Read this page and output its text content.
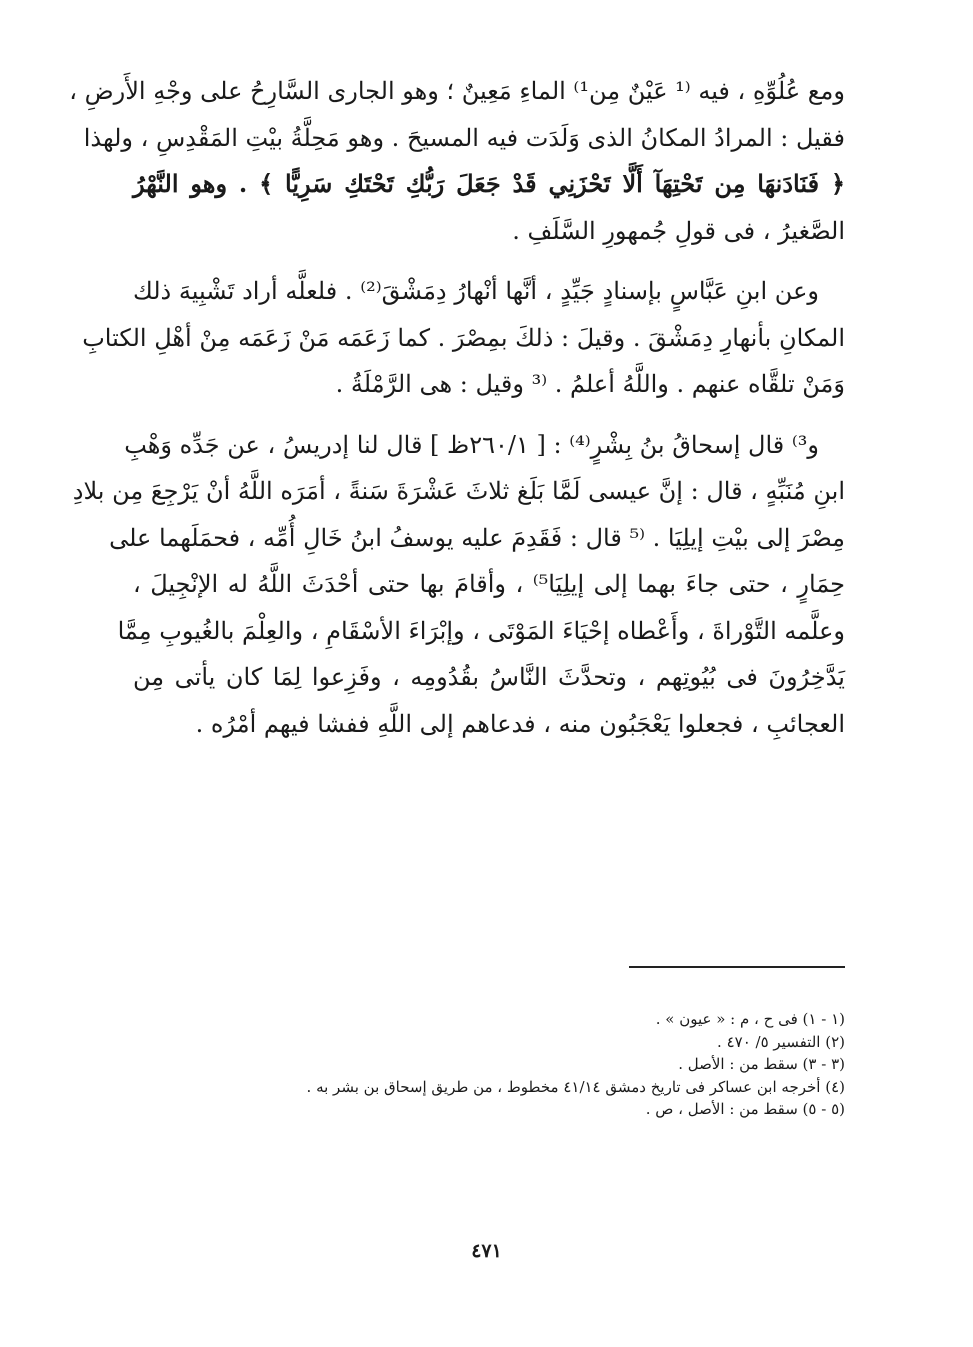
ومع عُلُوِّهِ ، فيه ⁽¹ عَيْنٌ مِن¹⁾ الماءِ مَعِينٌ ؛ وهو الجارى السَّارِحُ على وجْهِ الأَرضِ ،
فقيل : المرادُ المكانُ الذى وَلَدَت فيه المسيحَ . وهو مَحِلَّةُ بيْتِ المَقْدِسِ ، ولهذا
﴿ فَنَادَنهَا مِن تَحْتِهَآ أَلَّا تَحْزَنِي قَدْ جَعَلَ رَبُّكِ تَحْتَكِ سَرِيًّا ﴾ . وهو النَّهْرُ
الصَّغيرُ ، فى قولِ جُمهورِ السَّلَفِ .
وعن ابنِ عَبَّاسٍ بإسنادٍ جَيِّدٍ ، أنَّها أنْهارُ دِمَشْقَ⁽²⁾ . فلعلَّه أراد تَشْبِيهَ ذلك
المكانِ بأنهارِ دِمَشْقَ . وقيلَ : ذلكَ بمِصْرَ . كما زَعَمَه مَنْ زَعَمَه مِنْ أهْلِ الكتابِ
وَمَنْ تلقَّاه عنهم . واللَّهُ أعلمُ . ⁽³ وقيل : هى الرَّمْلَةُ .
و³⁾ قال إسحاقُ بنُ بِشْرٍ⁽⁴⁾ : [ ٢٦٠/١ظ ] قال لنا إدريسُ ، عن جَدِّه وَهْبِ
ابنِ مُنَبِّهٍ ، قال : إنَّ عيسى لَمَّا بَلَغ ثلاثَ عَشْرَةَ سَنةً ، أمَرَه اللَّهُ أنْ يَرْجِعَ مِن بلادِ
مِصْرَ إلى بيْتِ إيلِيَا . ⁽⁵ قال : فَقَدِمَ عليه يوسفُ ابنُ خَالِ أُمِّه ، فحمَلَهما على
حِمَارٍ ، حتى جاءَ بهما إلى إيلِيَا⁵⁾ ، وأقامَ بها حتى أحْدَثَ اللَّهُ له الإنْجِيلَ ،
وعلَّمه التَّوْراةَ ، وأَعْطاه إحْيَاءَ المَوْتَى ، وإبْرَاءَ الأسْقَامِ ، والعِلْمَ بالغُيوبِ مِمَّا
يَدَّخِرُونَ فى بُيُوتِهم ، وتحدَّثَ النَّاسُ بقُدُومِه ، وفَزِعوا لِمَا كان يأتى مِن
العجائبِ ، فجعلوا يَعْجَبُون منه ، فدعاهم إلى اللَّهِ ففشا فيهم أمْرُه .
(١ - ١) فى ح ، م : « عيون » .
(٢) التفسير ٥/ ٤٧٠ .
(٣ - ٣) سقط من : الأصل .
(٤) أخرجه ابن عساكر فى تاريخ دمشق ٤١/١٤ مخطوط ، من طريق إسحاق بن بشر به .
(٥ - ٥) سقط من : الأصل ، ص .
٤٧١
